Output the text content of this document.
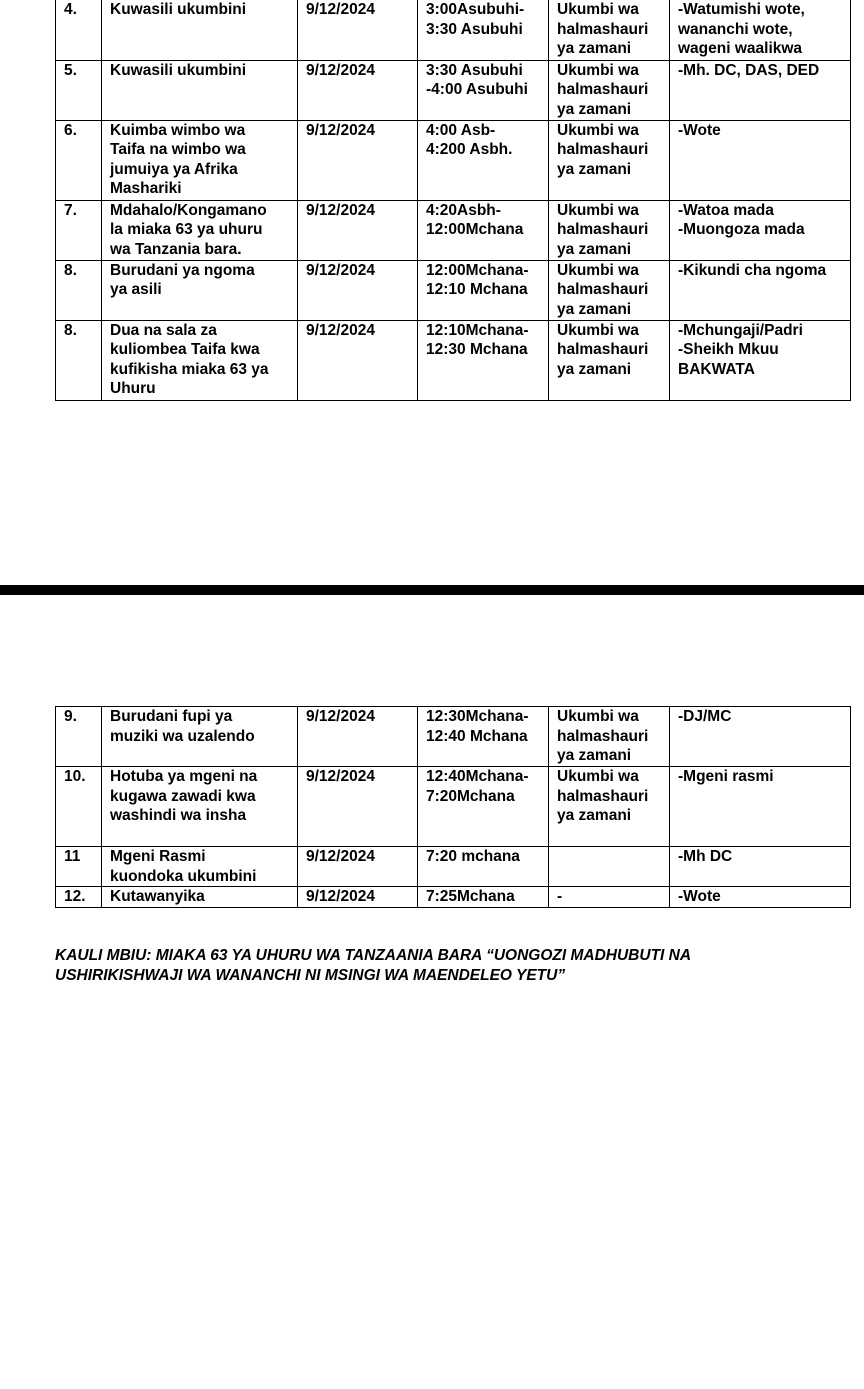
4.	Kuwasili ukumbini	9/12/2024	3:00Asubuhi-
3:30 Asubuhi	Ukumbi wa
halmashauri
ya zamani	-Watumishi wote,
wananchi wote,
wageni waalikwa

5.	Kuwasili ukumbini	9/12/2024	3:30 Asubuhi
-4:00 Asubuhi	Ukumbi wa
halmashauri
ya zamani	-Mh. DC, DAS, DED

6.	Kuimba wimbo wa
Taifa na wimbo wa
jumuiya ya Afrika
Mashariki	9/12/2024	4:00 Asb-
4:200 Asbh.	Ukumbi wa
halmashauri
ya zamani	-Wote

7.	Mdahalo/Kongamano
la miaka 63 ya uhuru
wa Tanzania bara.	9/12/2024	4:20Asbh-
12:00Mchana	Ukumbi wa
halmashauri
ya zamani	-Watoa mada
-Muongoza mada

8.	Burudani ya ngoma
ya asili	9/12/2024	12:00Mchana-
12:10 Mchana	Ukumbi wa
halmashauri
ya zamani	-Kikundi cha ngoma

8.	Dua na sala za
kuliombea Taifa kwa
kufikisha miaka 63 ya
Uhuru	9/12/2024	12:10Mchana-
12:30 Mchana	Ukumbi wa
halmashauri
ya zamani	-Mchungaji/Padri
-Sheikh Mkuu
BAKWATA
9.	Burudani fupi ya
muziki wa uzalendo	9/12/2024	12:30Mchana-
12:40 Mchana	Ukumbi wa
halmashauri
ya zamani	-DJ/MC

10.	Hotuba ya mgeni na
kugawa zawadi kwa
washindi wa insha	9/12/2024	12:40Mchana-
7:20Mchana	Ukumbi wa
halmashauri
ya zamani	-Mgeni rasmi

11	Mgeni Rasmi
kuondoka ukumbini	9/12/2024	7:20 mchana		-Mh DC

12.	Kutawanyika	9/12/2024	7:25Mchana	-	-Wote
KAULI MBIU: MIAKA 63 YA UHURU WA TANZAANIA BARA “UONGOZI MADHUBUTI NA
USHIRIKISHWAJI WA WANANCHI NI MSINGI WA MAENDELEO YETU”
